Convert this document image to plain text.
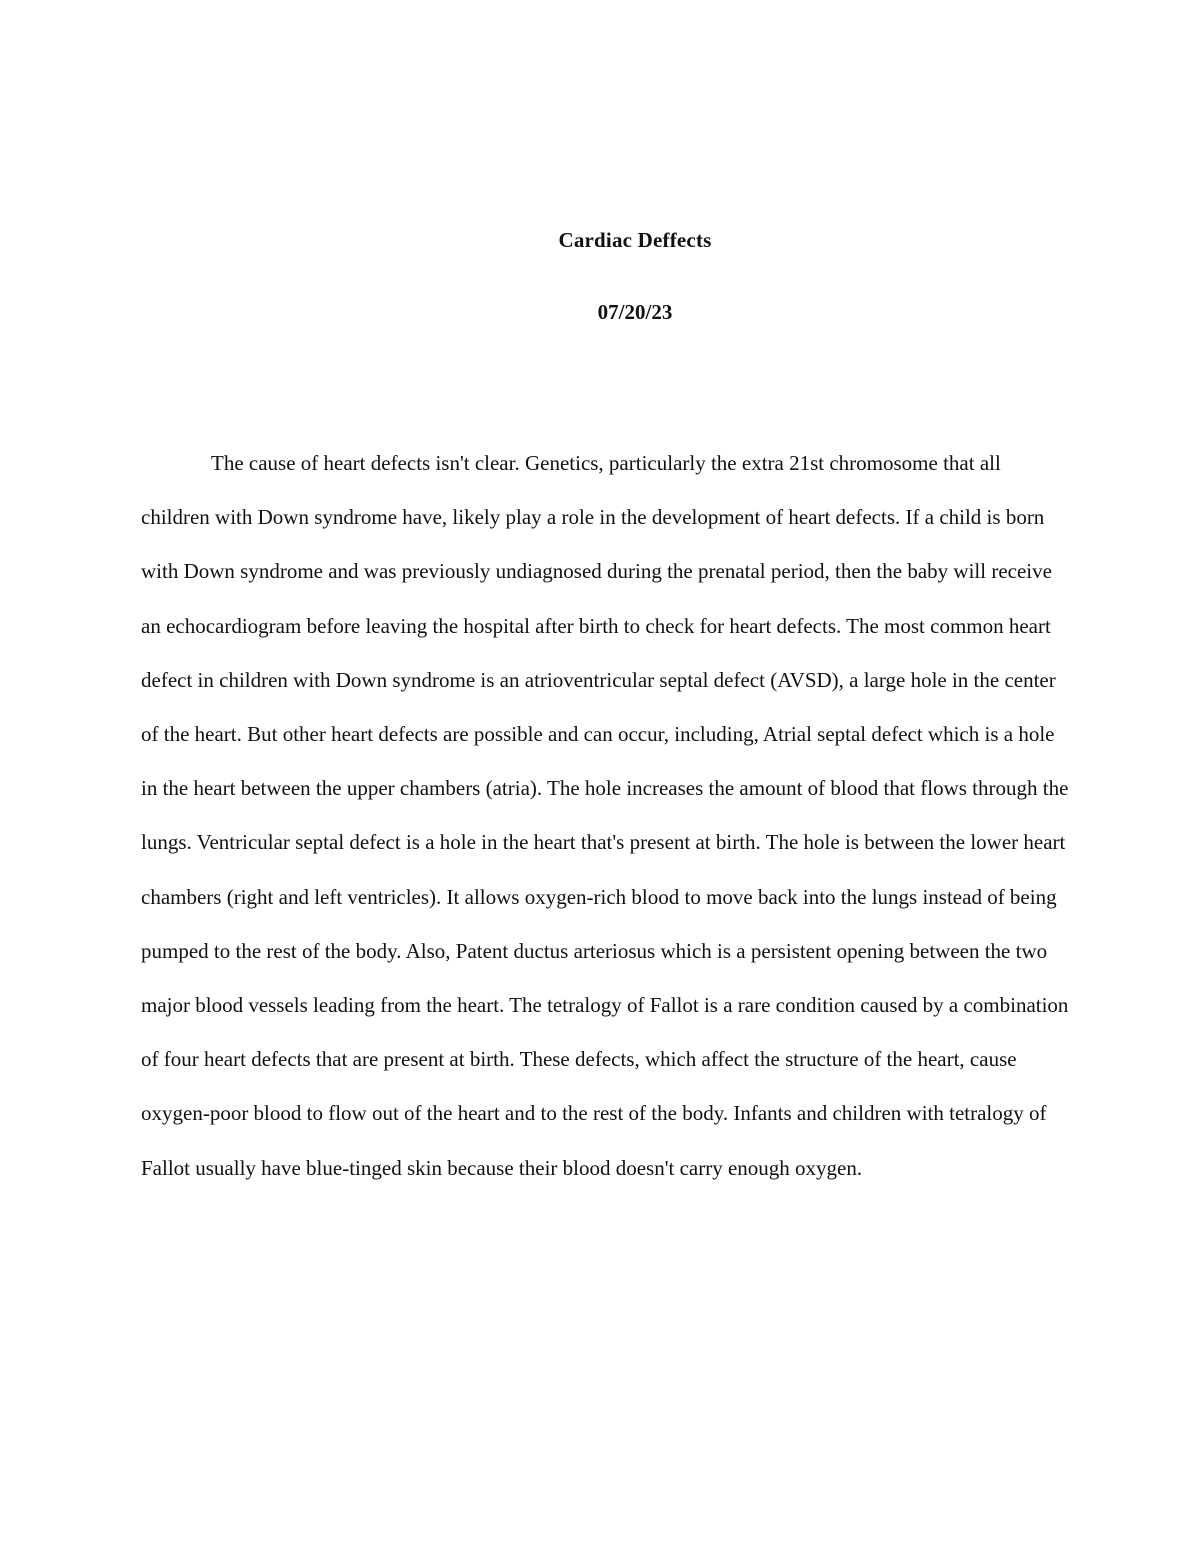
Cardiac Deffects
07/20/23

The cause of heart defects isn't clear. Genetics, particularly the extra 21st chromosome that all children with Down syndrome have, likely play a role in the development of heart defects. If a child is born with Down syndrome and was previously undiagnosed during the prenatal period, then the baby will receive an echocardiogram before leaving the hospital after birth to check for heart defects. The most common heart defect in children with Down syndrome is an atrioventricular septal defect (AVSD), a large hole in the center of the heart. But other heart defects are possible and can occur, including, Atrial septal defect which is a hole in the heart between the upper chambers (atria). The hole increases the amount of blood that flows through the lungs. Ventricular septal defect is a hole in the heart that's present at birth. The hole is between the lower heart chambers (right and left ventricles). It allows oxygen-rich blood to move back into the lungs instead of being pumped to the rest of the body. Also, Patent ductus arteriosus which is a persistent opening between the two major blood vessels leading from the heart. The tetralogy of Fallot is a rare condition caused by a combination of four heart defects that are present at birth. These defects, which affect the structure of the heart, cause oxygen-poor blood to flow out of the heart and to the rest of the body. Infants and children with tetralogy of Fallot usually have blue-tinged skin because their blood doesn't carry enough oxygen.
